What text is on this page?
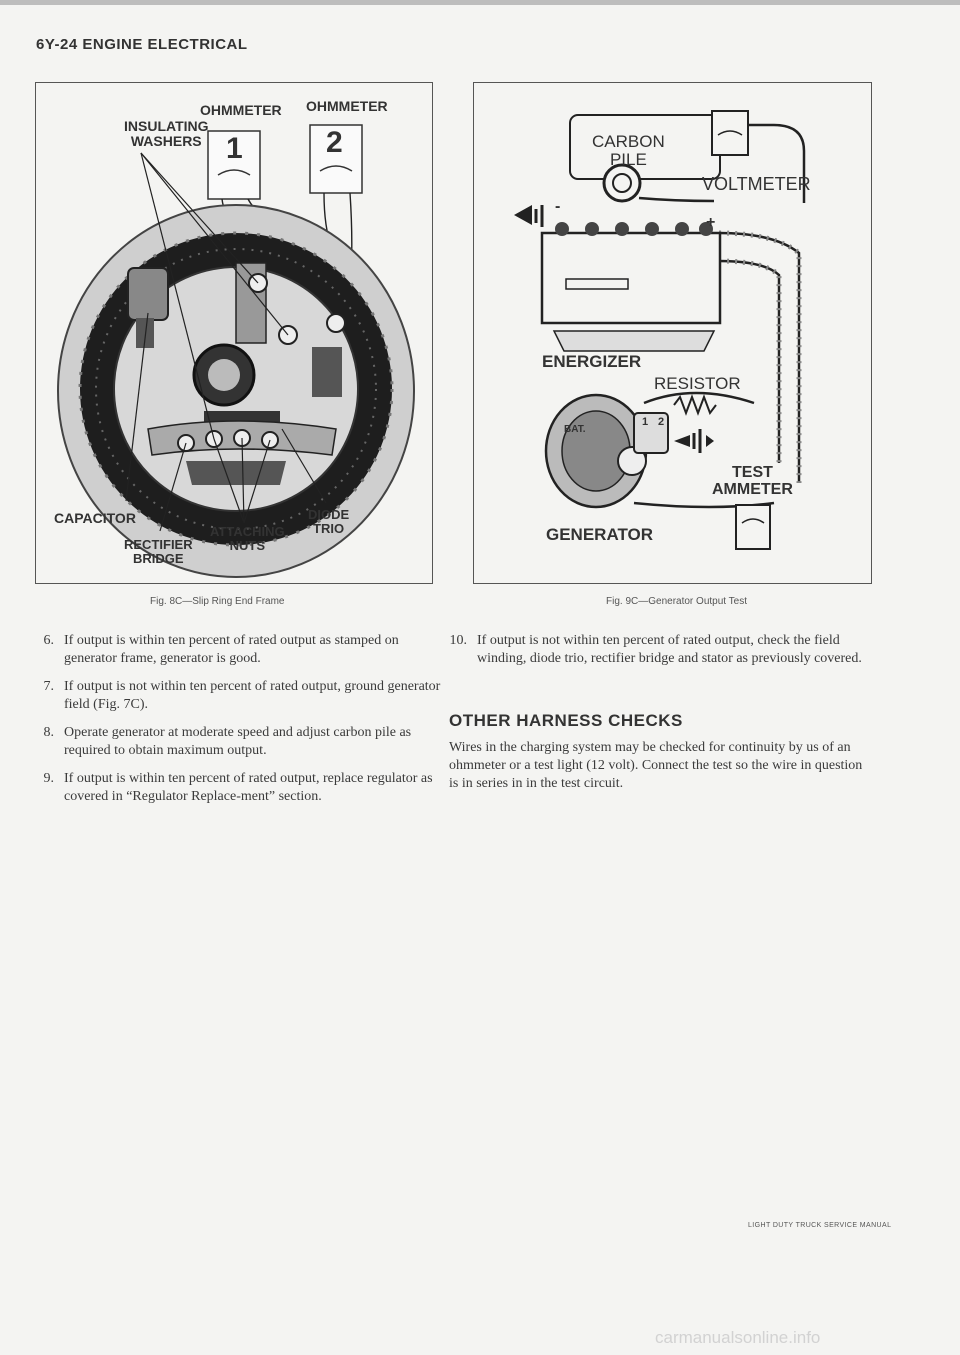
6Y-24 ENGINE ELECTRICAL
INSULATING
WASHERS
OHMMETER OHMMETER
1	2
CAPACITOR
RECTIFIER
BRIDGE
ATTACHING
NUTS
DIODE
TRIO
Fig. 8C—Slip Ring End Frame
CARBON
PILE
VOLTMETER
ENERGIZER
RESISTOR
TEST
AMMETER
GENERATOR
BAT.
1 2
-
+
Fig. 9C—Generator Output Test
6. If output is within ten percent of rated output as stamped on generator frame, generator is good.
7. If output is not within ten percent of rated output, ground generator field (Fig. 7C).
8. Operate generator at moderate speed and adjust carbon pile as required to obtain maximum output.
9. If output is within ten percent of rated output, replace regulator as covered in “Regulator Replace-ment” section.
10. If output is not within ten percent of rated output, check the field winding, diode trio, rectifier bridge and stator as previously covered.
OTHER HARNESS CHECKS
Wires in the charging system may be checked for continuity by us of an ohmmeter or a test light (12 volt). Connect the test so the wire in question is in series in in the test circuit.
LIGHT DUTY TRUCK SERVICE MANUAL
carmanualsonline.info
